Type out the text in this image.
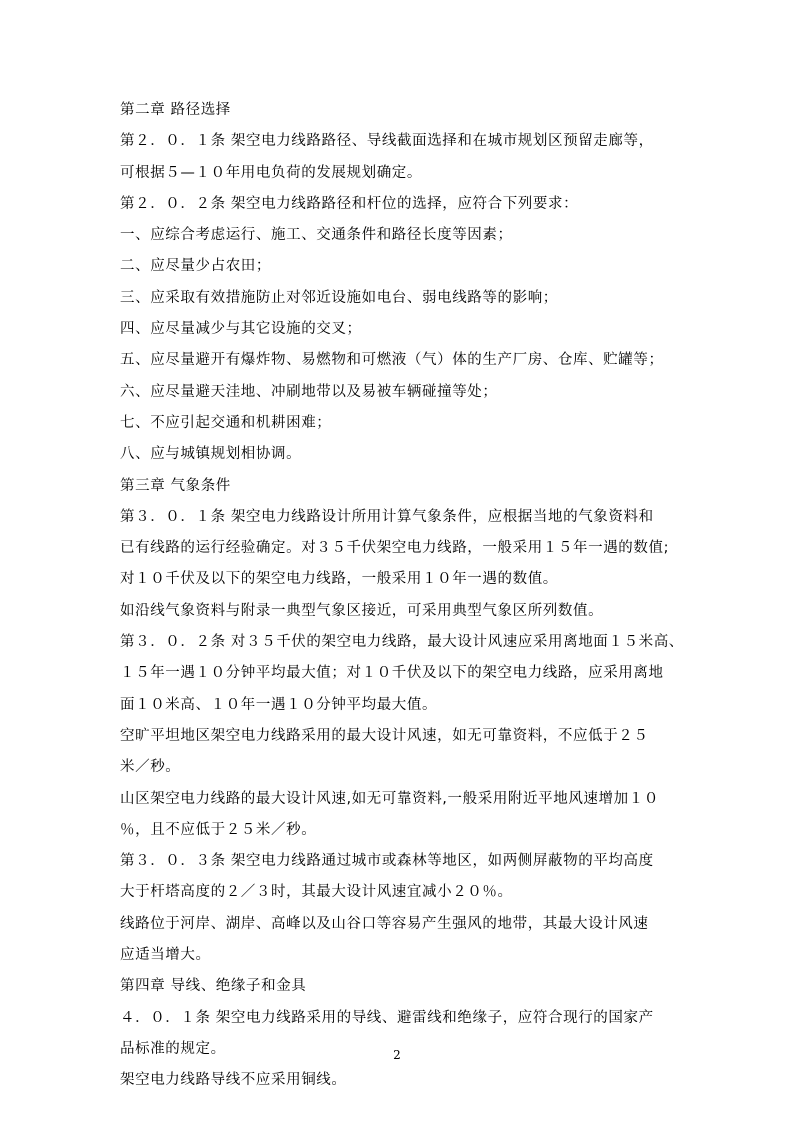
第二章 路径选择
第２．０．１条 架空电力线路路径、导线截面选择和在城市规划区预留走廊等，
可根据５—１０年用电负荷的发展规划确定。
第２．０．２条 架空电力线路路径和杆位的选择，应符合下列要求：
一、应综合考虑运行、施工、交通条件和路径长度等因素；
二、应尽量少占农田；
三、应采取有效措施防止对邻近设施如电台、弱电线路等的影响；
四、应尽量减少与其它设施的交叉；
五、应尽量避开有爆炸物、易燃物和可燃液（气）体的生产厂房、仓库、贮罐等；
六、应尽量避天洼地、冲刷地带以及易被车辆碰撞等处；
七、不应引起交通和机耕困难；
八、应与城镇规划相协调。
第三章 气象条件
第３．０．１条 架空电力线路设计所用计算气象条件，应根据当地的气象资料和
已有线路的运行经验确定。对３５千伏架空电力线路，一般采用１５年一遇的数值;
对１０千伏及以下的架空电力线路，一般采用１０年一遇的数值。
如沿线气象资料与附录一典型气象区接近，可采用典型气象区所列数值。
第３．０．２条 对３５千伏的架空电力线路，最大设计风速应采用离地面１５米高、
１５年一遇１０分钟平均最大值；对１０千伏及以下的架空电力线路，应采用离地
面１０米高、１０年一遇１０分钟平均最大值。
空旷平坦地区架空电力线路采用的最大设计风速，如无可靠资料，不应低于２５
米／秒。
山区架空电力线路的最大设计风速,如无可靠资料,一般采用附近平地风速增加１０
％，且不应低于２５米／秒。
第３．０．３条 架空电力线路通过城市或森林等地区，如两侧屏蔽物的平均高度
大于杆塔高度的２／３时，其最大设计风速宜减小２０％。
线路位于河岸、湖岸、高峰以及山谷口等容易产生强风的地带，其最大设计风速
应适当增大。
第四章 导线、绝缘子和金具
４．０．１条 架空电力线路采用的导线、避雷线和绝缘子，应符合现行的国家产
品标准的规定。
架空电力线路导线不应采用铜线。
2
